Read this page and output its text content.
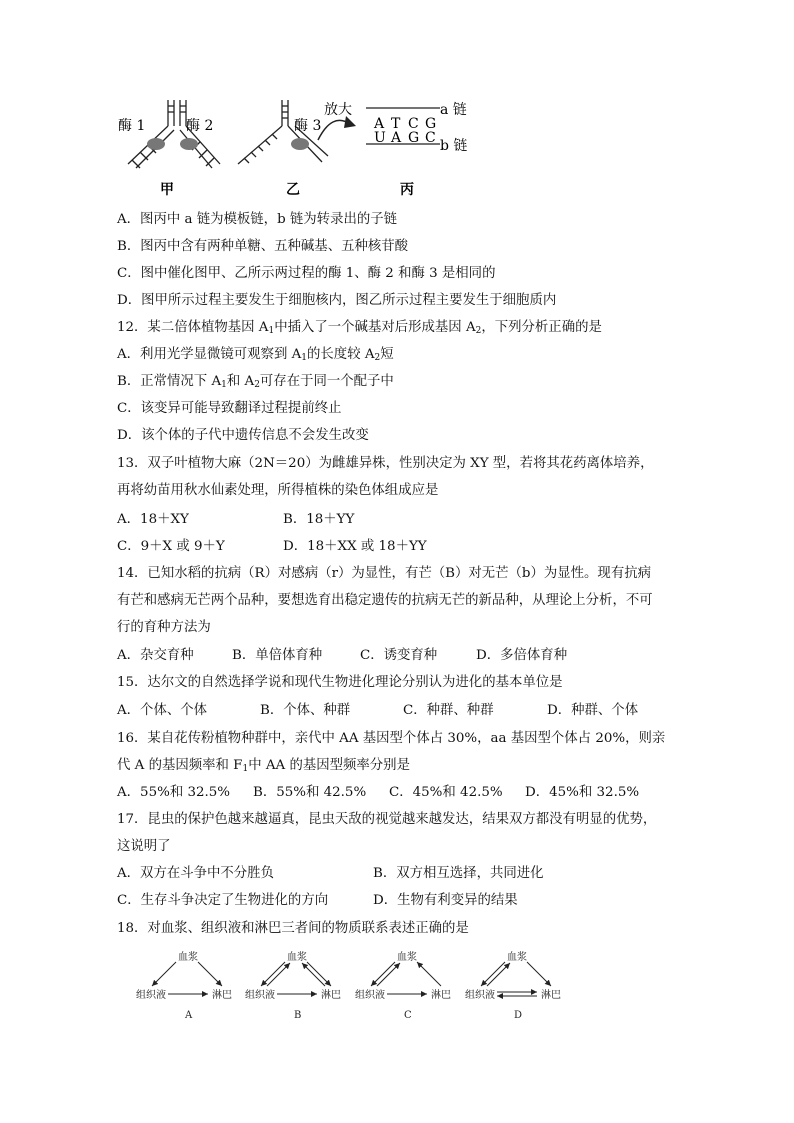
酶 1	酶 2	酶 3
放大	a 链
b 链
A T C G
U A G C
甲	乙	丙
A．图丙中 a 链为模板链，b 链为转录出的子链
B．图丙中含有两种单糖、五种碱基、五种核苷酸
C．图中催化图甲、乙所示两过程的酶 1、酶 2 和酶 3 是相同的
D．图甲所示过程主要发生于细胞核内，图乙所示过程主要发生于细胞质内
12．某二倍体植物基因 $A_1$中插入了一个碱基对后形成基因 $A_2$，下列分析正确的是
A．利用光学显微镜可观察到 $A_1$的长度较 $A_2$短
B．正常情况下 $A_1$和 $A_2$可存在于同一个配子中
C．该变异可能导致翻译过程提前终止
D．该个体的子代中遗传信息不会发生改变
13．双子叶植物大麻（2N＝20）为雌雄异株，性别决定为 XY 型，若将其花药离体培养，
再将幼苗用秋水仙素处理，所得植株的染色体组成应是
A．18＋XY	B．18＋YY
C．9＋X 或 9＋Y	D．18＋XX 或 18＋YY
14．已知水稻的抗病（R）对感病（r）为显性，有芒（B）对无芒（b）为显性。现有抗病
有芒和感病无芒两个品种，要想选育出稳定遗传的抗病无芒的新品种，从理论上分析，不可
行的育种方法为
A．杂交育种	B．单倍体育种	C．诱变育种	D．多倍体育种
15．达尔文的自然选择学说和现代生物进化理论分别认为进化的基本单位是
A．个体、个体	B．个体、种群	C．种群、种群	D．种群、个体
16．某自花传粉植物种群中，亲代中 AA 基因型个体占 30%，aa 基因型个体占 20%，则亲
代 A 的基因频率和 $F_1$中 AA 的基因型频率分别是
A．55%和 32.5% B．55%和 42.5% C．45%和 42.5% D．45%和 32.5%
17．昆虫的保护色越来越逼真，昆虫天敌的视觉越来越发达，结果双方都没有明显的优势，
这说明了
A．双方在斗争中不分胜负	B．双方相互选择，共同进化
C．生存斗争决定了生物进化的方向	D．生物有利变异的结果
18．对血浆、组织液和淋巴三者间的物质联系表述正确的是
血浆
组织液	淋巴
A
血浆
组织液	淋巴
B
血浆
组织液	淋巴
C
血浆
组织液	淋巴
D
